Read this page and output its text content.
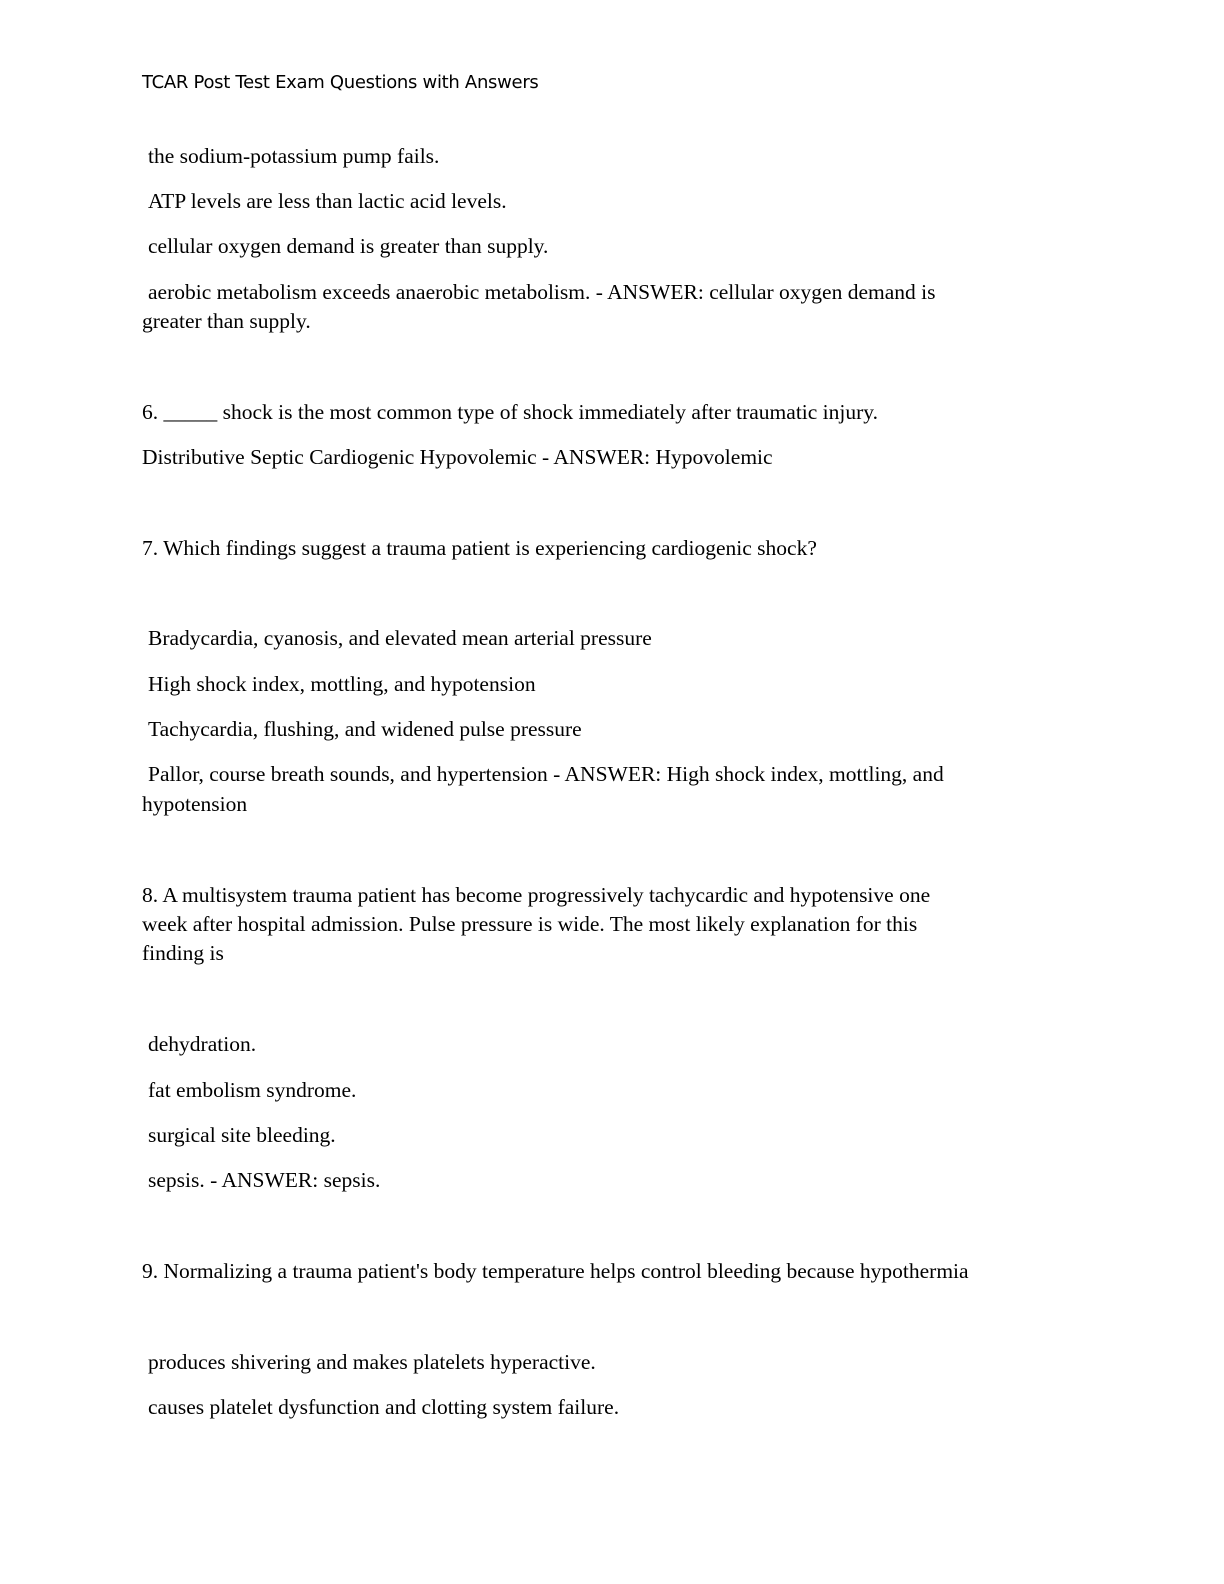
TCAR Post Test Exam Questions with Answers
the sodium-potassium pump fails.
ATP levels are less than lactic acid levels.
cellular oxygen demand is greater than supply.
aerobic metabolism exceeds anaerobic metabolism. - ANSWER: cellular oxygen demand is
greater than supply.
6. _____ shock is the most common type of shock immediately after traumatic injury.
Distributive Septic Cardiogenic Hypovolemic - ANSWER: Hypovolemic
7. Which findings suggest a trauma patient is experiencing cardiogenic shock?
Bradycardia, cyanosis, and elevated mean arterial pressure
High shock index, mottling, and hypotension
Tachycardia, flushing, and widened pulse pressure
Pallor, course breath sounds, and hypertension - ANSWER: High shock index, mottling, and
hypotension
8. A multisystem trauma patient has become progressively tachycardic and hypotensive one
week after hospital admission. Pulse pressure is wide. The most likely explanation for this
finding is
dehydration.
fat embolism syndrome.
surgical site bleeding.
sepsis. - ANSWER: sepsis.
9. Normalizing a trauma patient's body temperature helps control bleeding because hypothermia
produces shivering and makes platelets hyperactive.
causes platelet dysfunction and clotting system failure.
